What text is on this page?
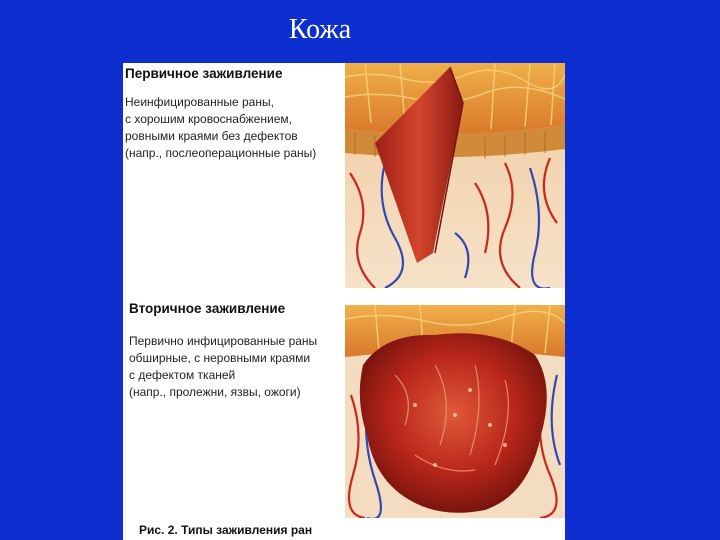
Кожа
Первичное заживление
Неинфицированные раны,
с хорошим кровоснабжением,
ровными краями без дефектов
(напр., послеоперационные раны)
Вторичное заживление
Первично инфицированные раны
обширные, с неровными краями
с дефектом тканей
(напр., пролежни, язвы, ожоги)
Рис. 2. Типы заживления ран
